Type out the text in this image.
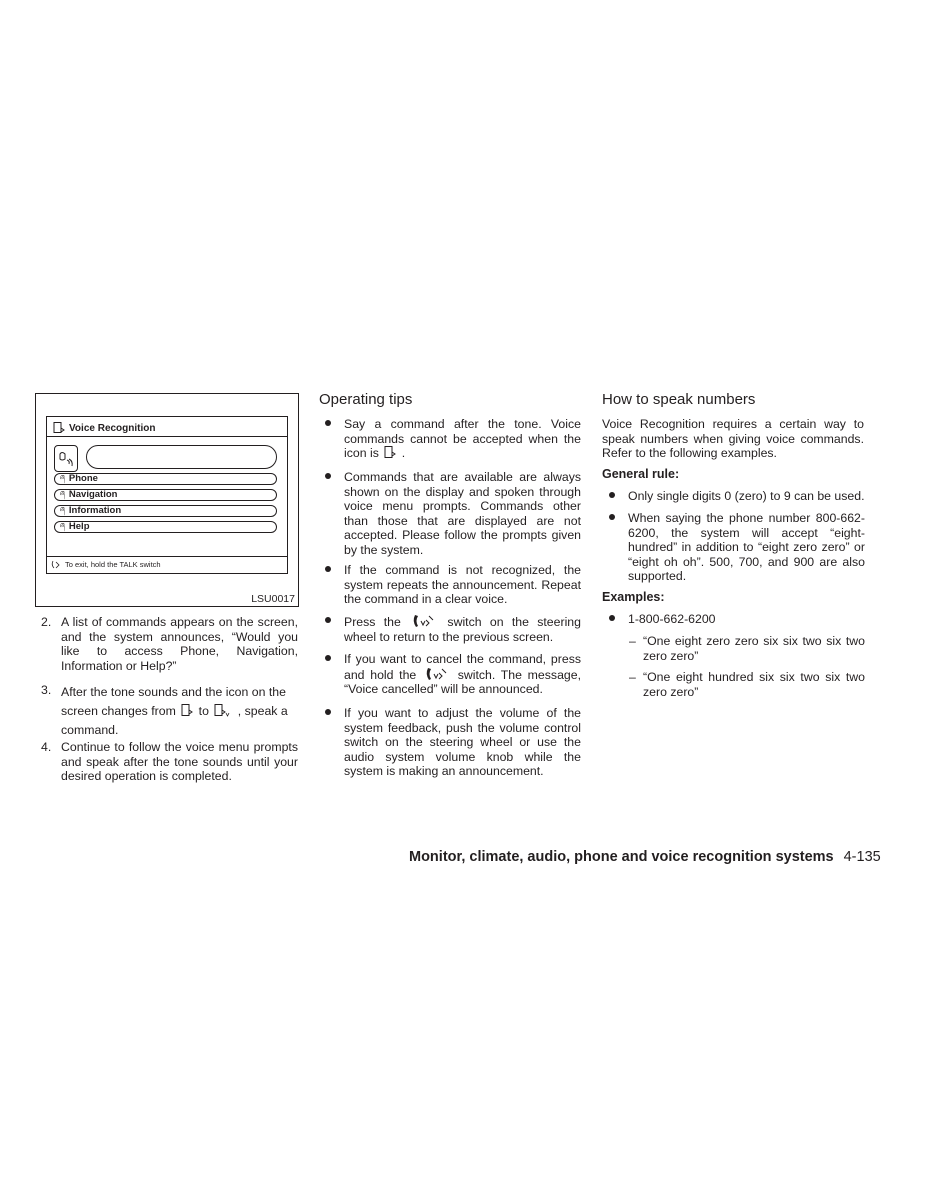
Voice Recognition
ཞ Phone
ཞ Navigation
ཞ Information
ཞ Help
To exit, hold the TALK switch
LSU0017
2. A list of commands appears on the screen, and the system announces, “Would you like to access Phone, Navigation, Information or Help?”
3. After the tone sounds and the icon on the screen changes from to , speak a command.
4. Continue to follow the voice menu prompts and speak after the tone sounds until your desired operation is completed.
Operating tips
Say a command after the tone. Voice commands cannot be accepted when the icon is .
Commands that are available are always shown on the display and spoken through voice menu prompts. Commands other than those that are displayed are not accepted. Please follow the prompts given by the system.
If the command is not recognized, the system repeats the announcement. Repeat the command in a clear voice.
Press the	switch on the steering wheel to return to the previous screen.
If you want to cancel the command, press and hold the	switch. The message, “Voice cancelled” will be announced.
If you want to adjust the volume of the system feedback, push the volume control switch on the steering wheel or use the audio system volume knob while the system is making an announcement.
How to speak numbers
Voice Recognition requires a certain way to speak numbers when giving voice commands. Refer to the following examples.
General rule:
Only single digits 0 (zero) to 9 can be used.
When saying the phone number 800-662-6200, the system will accept “eight-hundred” in addition to “eight zero zero” or “eight oh oh”. 500, 700, and 900 are also supported.
Examples:
1-800-662-6200
– “One eight zero zero six six two six two zero zero”
– “One eight hundred six six two six two zero zero”
Monitor, climate, audio, phone and voice recognition systems 4-135
